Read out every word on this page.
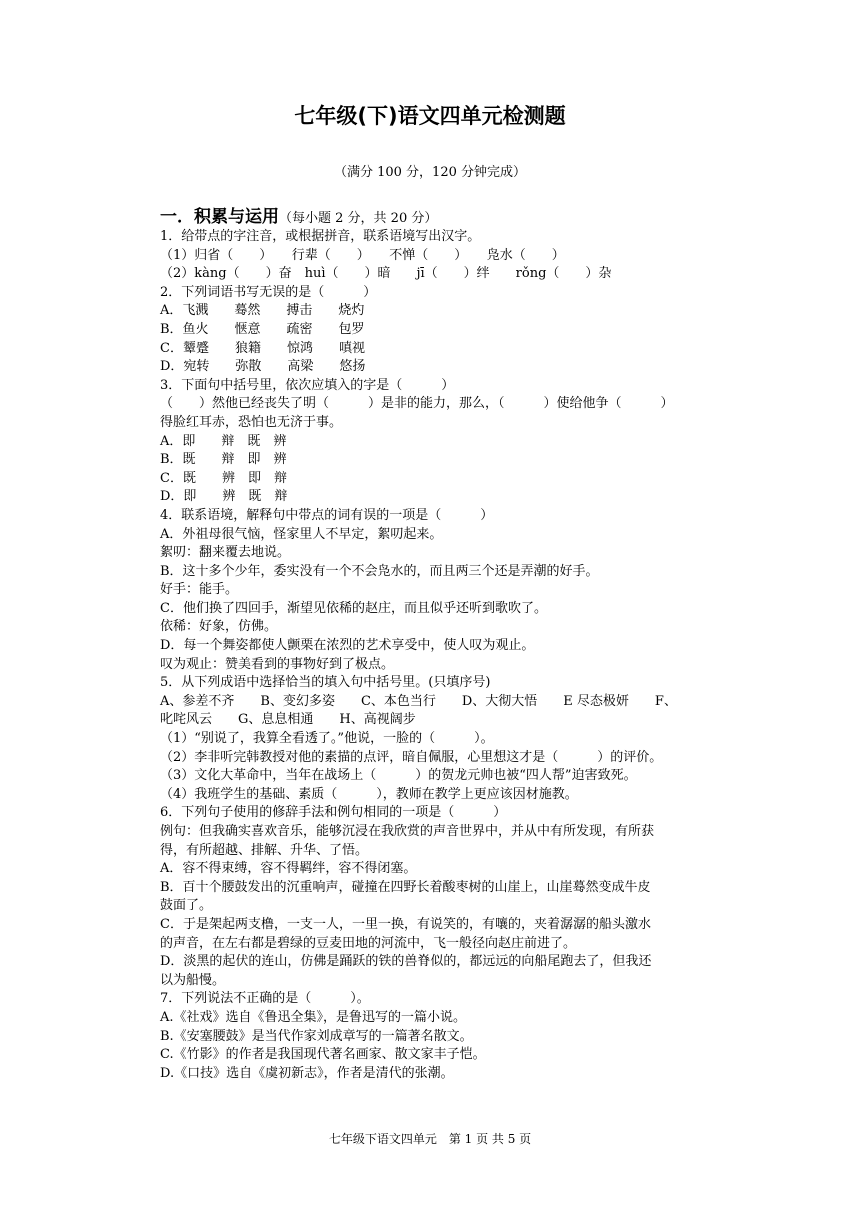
七年级(下)语文四单元检测题
（满分 100 分，120 分钟完成）
一．积累与运用（每小题 2 分，共 20 分）
1．给带点的字注音，或根据拼音，联系语境写出汉字。
（1）归省（　　）　　行辈（　　）　　不惮（　　）　　凫水（　　）
（2）kàng（　　）奋　huì（　　）暗　　jī（　　）绊　　rǒng（　　）杂
2．下列词语书写无误的是（　　　）
A．飞溅　　蓦然　　搏击　　烧灼
B．鱼火　　惬意　　疏密　　包罗
C．颦蹙　　狼籍　　惊鸿　　嗔视
D．宛转　　弥散　　高梁　　悠扬
3．下面句中括号里，依次应填入的字是（　　　）
（　　）然他已经丧失了明（　　　）是非的能力，那么，（　　　）使给他争（　　　）
得脸红耳赤，恐怕也无济于事。
A．即　　辩　既　辨
B．既　　辩　即　辨
C．既　　辨　即　辩
D．即　　辨　既　辩
4．联系语境，解释句中带点的词有误的一项是（　　　）
A．外祖母很气恼，怪家里人不早定，絮叨起来。
絮叨：翻来覆去地说。
B．这十多个少年，委实没有一个不会凫水的，而且两三个还是弄潮的好手。
好手：能手。
C．他们换了四回手，渐望见依稀的赵庄，而且似乎还听到歌吹了。
依稀：好象，仿佛。
D．每一个舞姿都使人颤栗在浓烈的艺术享受中，使人叹为观止。
叹为观止：赞美看到的事物好到了极点。
5．从下列成语中选择恰当的填入句中括号里。(只填序号)
A、参差不齐　　B、变幻多姿　　C、本色当行　　D、大彻大悟　　E 尽态极妍　　F、
叱咤风云　　G、息息相通　　H、高视阔步
（1）“别说了，我算全看透了。”他说，一脸的（　　　）。
（2）李非听完韩教授对他的素描的点评，暗自佩服，心里想这才是（　　　）的评价。
（3）文化大革命中，当年在战场上（　　　）的贺龙元帅也被“四人帮”迫害致死。
（4）我班学生的基础、素质（　　　），教师在教学上更应该因材施教。
6．下列句子使用的修辞手法和例句相同的一项是（　　　）
例句：但我确实喜欢音乐，能够沉浸在我欣赏的声音世界中，并从中有所发现，有所获
得，有所超越、排解、升华、了悟。
A．容不得束缚，容不得羁绊，容不得闭塞。
B．百十个腰鼓发出的沉重响声，碰撞在四野长着酸枣树的山崖上，山崖蓦然变成牛皮
鼓面了。
C．于是架起两支橹，一支一人，一里一换，有说笑的，有嚷的，夹着潺潺的船头激水
的声音，在左右都是碧绿的豆麦田地的河流中，飞一般径向赵庄前进了。
D．淡黑的起伏的连山，仿佛是踊跃的铁的兽脊似的，都远远的向船尾跑去了，但我还
以为船慢。
7．下列说法不正确的是（　　　）。
A.《社戏》选自《鲁迅全集》，是鲁迅写的一篇小说。
B.《安塞腰鼓》是当代作家刘成章写的一篇著名散文。
C.《竹影》的作者是我国现代著名画家、散文家丰子恺。
D.《口技》选自《虞初新志》，作者是清代的张潮。
七年级下语文四单元　第 1 页 共 5 页
